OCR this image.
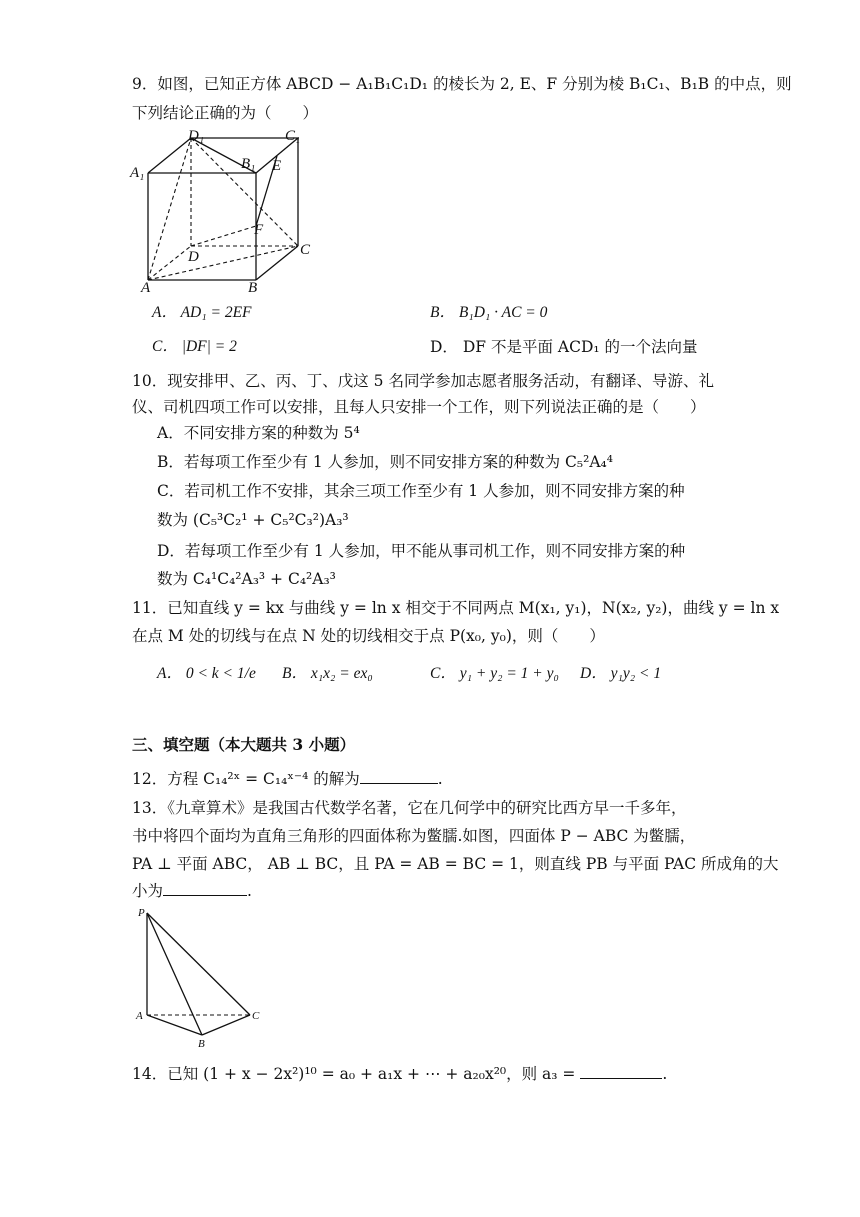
9．如图，已知正方体 ABCD − A₁B₁C₁D₁ 的棱长为 2, E、F 分别为棱 B₁C₁、B₁B 的中点，则
下列结论正确的为（　　）
D₁	C₁
A₁
B₁ E
F
D	C
A	B
A． AD₁ = 2EF	B． B₁D₁ · AC = 0
C． |DF| = 2	D． DF 不是平面 ACD₁ 的一个法向量
10．现安排甲、乙、丙、丁、戊这 5 名同学参加志愿者服务活动，有翻译、导游、礼
仪、司机四项工作可以安排，且每人只安排一个工作，则下列说法正确的是（　　）
A．不同安排方案的种数为 5⁴
B．若每项工作至少有 1 人参加，则不同安排方案的种数为 C₅²A₄⁴
C．若司机工作不安排，其余三项工作至少有 1 人参加，则不同安排方案的种
数为 (C₅³C₂¹ + C₅²C₃²)A₃³
D．若每项工作至少有 1 人参加，甲不能从事司机工作，则不同安排方案的种
数为 C₄¹C₄²A₃³ + C₄²A₃³
11．已知直线 y = kx 与曲线 y = ln x 相交于不同两点 M(x₁, y₁)，N(x₂, y₂)，曲线 y = ln x
在点 M 处的切线与在点 N 处的切线相交于点 P(x₀, y₀)，则（　　）
A． 0 < k < 1/e B． x₁x₂ = ex₀	C． y₁ + y₂ = 1 + y₀ D． y₁y₂ < 1
三、填空题（本大题共 3 小题）
12．方程 C₁₄²ˣ = C₁₄ˣ⁻⁴ 的解为	.
13．《九章算术》是我国古代数学名著，它在几何学中的研究比西方早一千多年，
书中将四个面均为直角三角形的四面体称为鳖臑.如图，四面体 P − ABC 为鳖臑，
PA ⊥ 平面 ABC， AB ⊥ BC，且 PA = AB = BC = 1，则直线 PB 与平面 PAC 所成角的大
小为	.
P
A
B
C
14．已知 (1 + x − 2x²)¹⁰ = a₀ + a₁x + ⋯ + a₂₀x²⁰，则 a₃ =	.
